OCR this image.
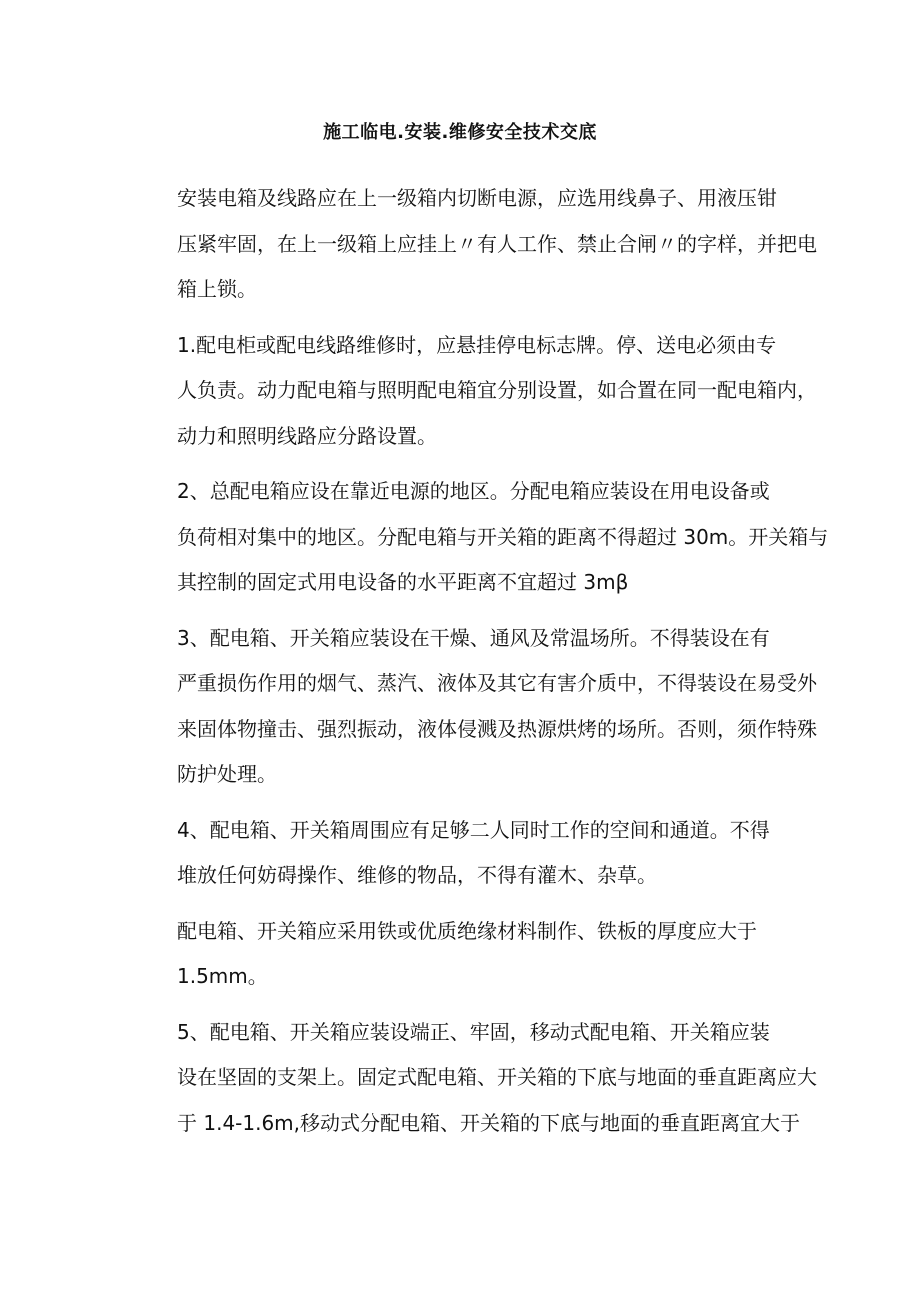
施工临电.安装.维修安全技术交底

安装电箱及线路应在上一级箱内切断电源，应选用线鼻子、用液压钳
压紧牢固，在上一级箱上应挂上〃有人工作、禁止合闸〃的字样，并把电
箱上锁。

1.配电柜或配电线路维修时，应悬挂停电标志牌。停、送电必须由专
人负责。动力配电箱与照明配电箱宜分别设置，如合置在同一配电箱内，
动力和照明线路应分路设置。

2、总配电箱应设在靠近电源的地区。分配电箱应装设在用电设备或
负荷相对集中的地区。分配电箱与开关箱的距离不得超过 30m。开关箱与
其控制的固定式用电设备的水平距离不宜超过 3mβ

3、配电箱、开关箱应装设在干燥、通风及常温场所。不得装设在有
严重损伤作用的烟气、蒸汽、液体及其它有害介质中，不得装设在易受外
来固体物撞击、强烈振动，液体侵溅及热源烘烤的场所。否则，须作特殊
防护处理。

4、配电箱、开关箱周围应有足够二人同时工作的空间和通道。不得
堆放任何妨碍操作、维修的物品，不得有灌木、杂草。

配电箱、开关箱应采用铁或优质绝缘材料制作、铁板的厚度应大于
1.5mm。

5、配电箱、开关箱应装设端正、牢固，移动式配电箱、开关箱应装
设在坚固的支架上。固定式配电箱、开关箱的下底与地面的垂直距离应大
于 1.4-1.6m,移动式分配电箱、开关箱的下底与地面的垂直距离宜大于
